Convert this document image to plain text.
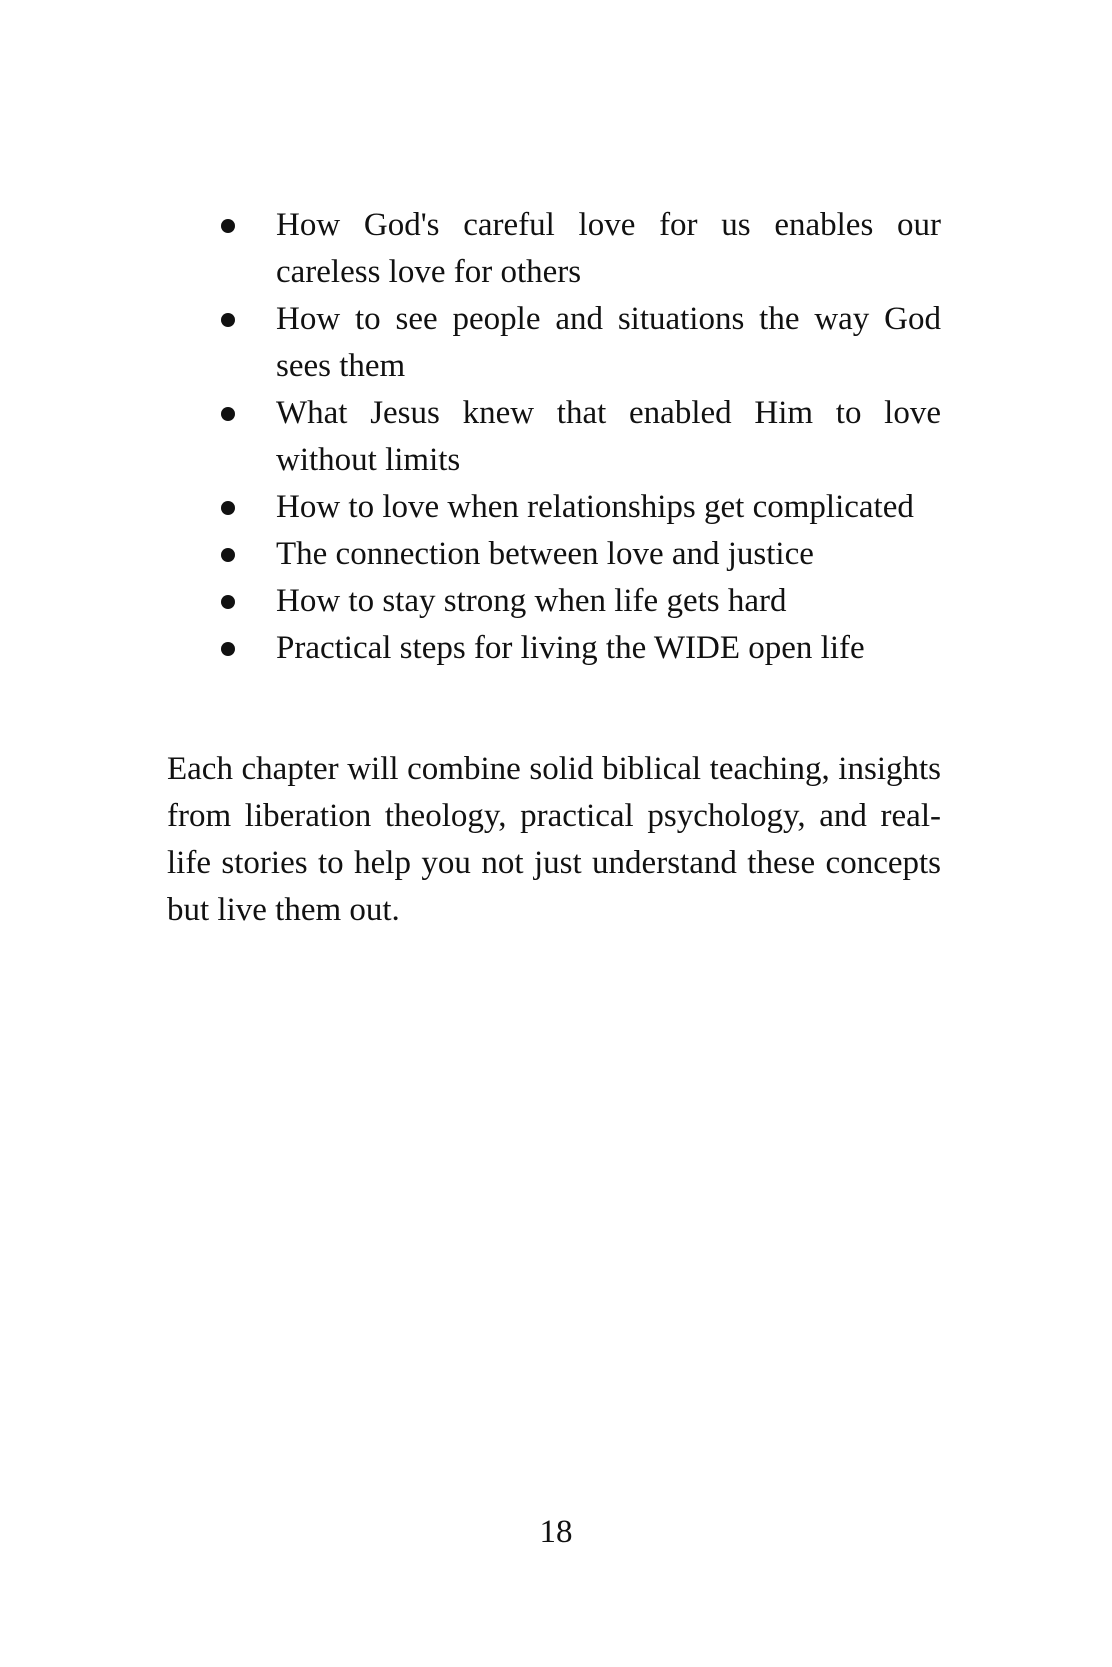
How God's careful love for us enables our careless love for others
How to see people and situations the way God sees them
What Jesus knew that enabled Him to love without limits
How to love when relationships get complicated
The connection between love and justice
How to stay strong when life gets hard
Practical steps for living the WIDE open life

Each chapter will combine solid biblical teaching, insights from liberation theology, practical psychology, and real-life stories to help you not just understand these concepts but live them out.

18
